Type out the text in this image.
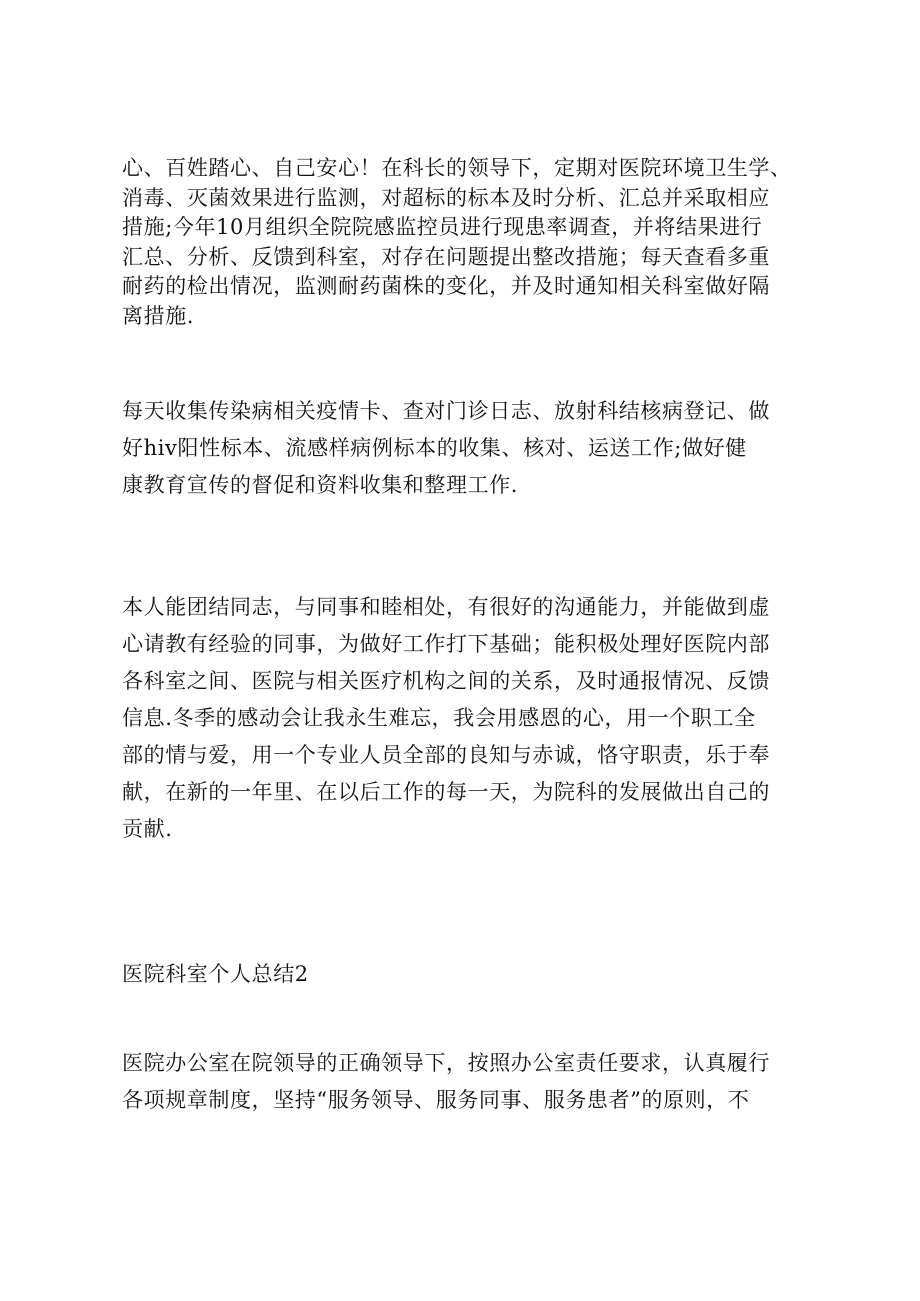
心、百姓踏心、自己安心！在科长的领导下，定期对医院环境卫生学、
消毒、灭菌效果进行监测，对超标的标本及时分析、汇总并采取相应
措施;今年10月组织全院院感监控员进行现患率调查，并将结果进行
汇总、分析、反馈到科室，对存在问题提出整改措施；每天查看多重
耐药的检出情况，监测耐药菌株的变化，并及时通知相关科室做好隔
离措施.
每天收集传染病相关疫情卡、查对门诊日志、放射科结核病登记、做
好hiv阳性标本、流感样病例标本的收集、核对、运送工作;做好健
康教育宣传的督促和资料收集和整理工作.
本人能团结同志，与同事和睦相处，有很好的沟通能力，并能做到虚
心请教有经验的同事，为做好工作打下基础；能积极处理好医院内部
各科室之间、医院与相关医疗机构之间的关系，及时通报情况、反馈
信息.冬季的感动会让我永生难忘，我会用感恩的心，用一个职工全
部的情与爱，用一个专业人员全部的良知与赤诚，恪守职责，乐于奉
献，在新的一年里、在以后工作的每一天，为院科的发展做出自己的
贡献.
医院科室个人总结2
医院办公室在院领导的正确领导下，按照办公室责任要求，认真履行
各项规章制度，坚持“服务领导、服务同事、服务患者”的原则，不
